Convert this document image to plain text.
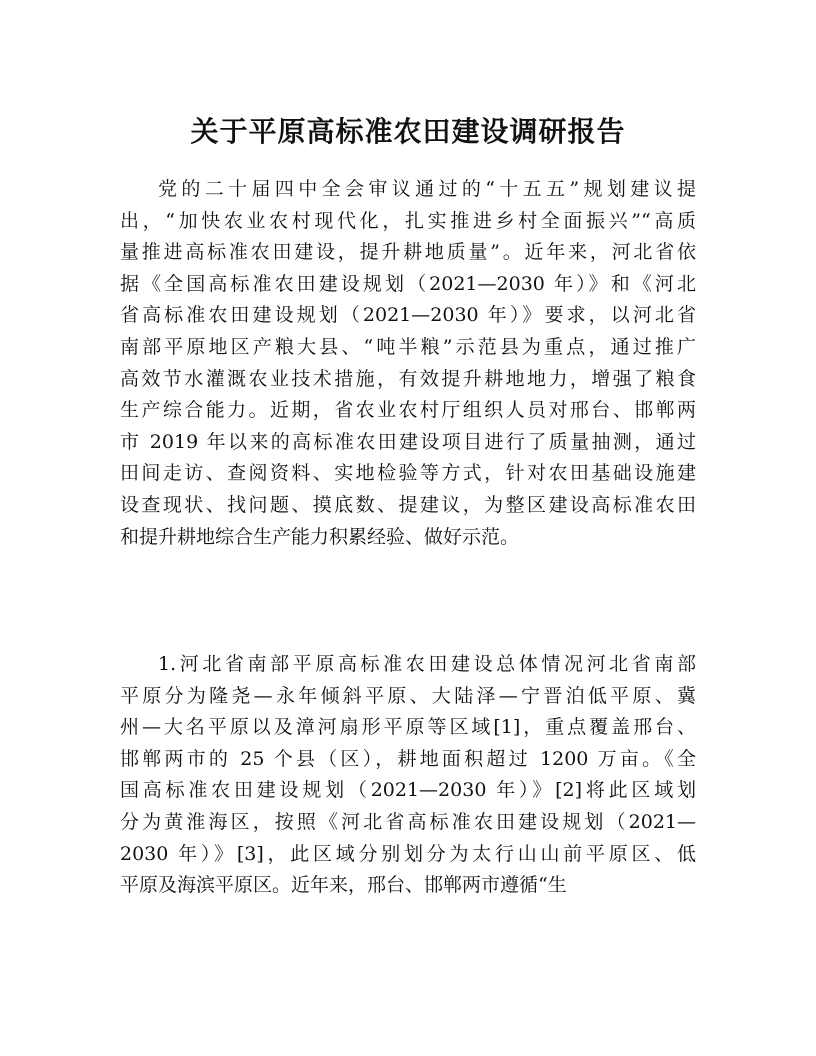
关于平原高标准农田建设调研报告
党的二十届四中全会审议通过的“十五五”规划建议提
出，“加快农业农村现代化，扎实推进乡村全面振兴”“高质
量推进高标准农田建设，提升耕地质量”。近年来，河北省依
据《全国高标准农田建设规划（2021—2030 年）》和《河北
省高标准农田建设规划（2021—2030 年）》要求，以河北省
南部平原地区产粮大县、“吨半粮”示范县为重点，通过推广
高效节水灌溉农业技术措施，有效提升耕地地力，增强了粮食
生产综合能力。近期，省农业农村厅组织人员对邢台、邯郸两
市 2019 年以来的高标准农田建设项目进行了质量抽测，通过
田间走访、查阅资料、实地检验等方式，针对农田基础设施建
设查现状、找问题、摸底数、提建议，为整区建设高标准农田
和提升耕地综合生产能力积累经验、做好示范。
1.河北省南部平原高标准农田建设总体情况河北省南部
平原分为隆尧—永年倾斜平原、大陆泽—宁晋泊低平原、冀
州—大名平原以及漳河扇形平原等区域[1]，重点覆盖邢台、
邯郸两市的 25 个县（区），耕地面积超过 1200 万亩。《全
国高标准农田建设规划（2021—2030 年）》[2]将此区域划
分为黄淮海区，按照《河北省高标准农田建设规划（2021—
2030 年）》[3]，此区域分别划分为太行山山前平原区、低
平原及海滨平原区。近年来，邢台、邯郸两市遵循“生
